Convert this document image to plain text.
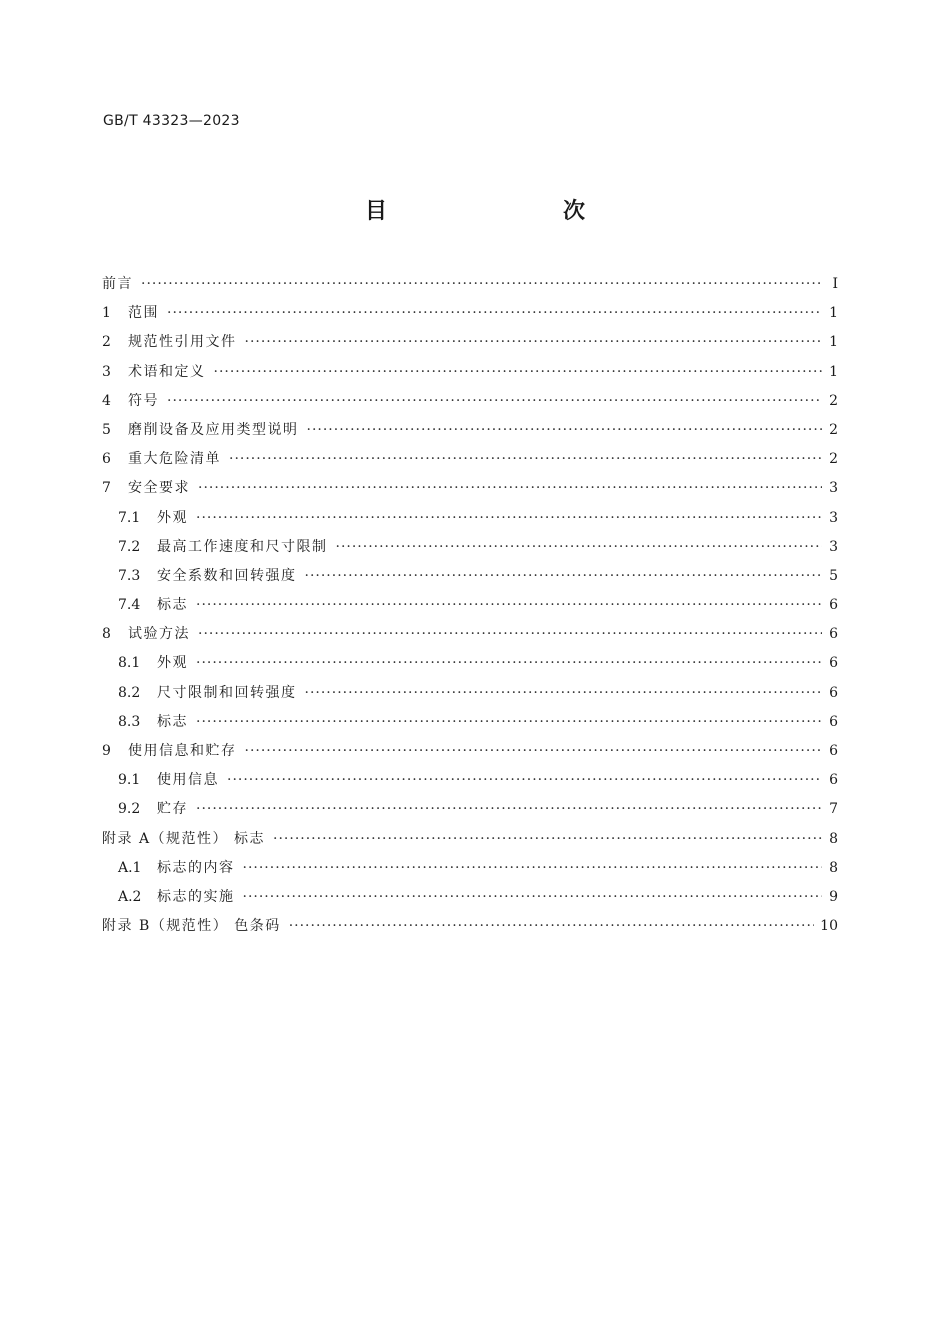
GB/T 43323—2023
目　　次
前言 ·····	Ⅰ
1	范围 ·····	1
2	规范性引用文件 ·····	1
3	术语和定义 ·····	1
4	符号 ·····	2
5	磨削设备及应用类型说明 ·····	2
6	重大危险清单 ·····	2
7	安全要求 ·····	3
7.1	外观 ·····	3
7.2	最高工作速度和尺寸限制 ·····	3
7.3	安全系数和回转强度 ·····	5
7.4	标志 ·····	6
8	试验方法 ·····	6
8.1	外观 ·····	6
8.2	尺寸限制和回转强度 ·····	6
8.3	标志 ·····	6
9	使用信息和贮存 ·····	6
9.1	使用信息 ·····	6
9.2	贮存 ·····	7
附录 A（规范性） 标志 ·····	8
A.1	标志的内容 ·····	8
A.2	标志的实施 ·····	9
附录 B（规范性） 色条码 ·····	10
